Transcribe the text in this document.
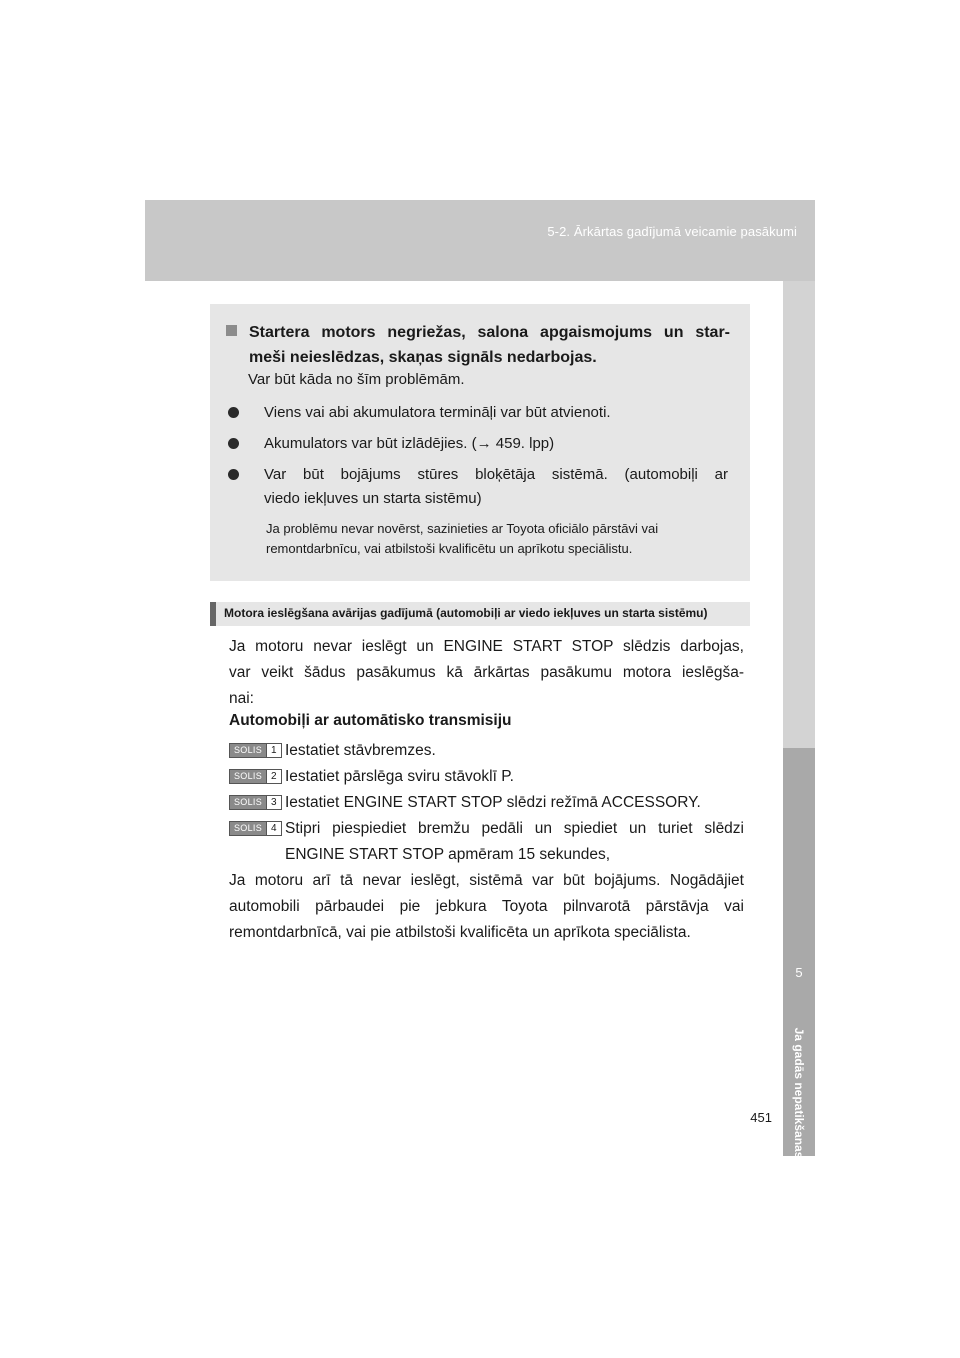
5-2. Ārkārtas gadījumā veicamie pasākumi
5
Ja gadās nepatikšanas
Startera motors negriežas, salona apgaismojums un star-
meši neieslēdzas, skaņas signāls nedarbojas.
Var būt kāda no šīm problēmām.
Viens vai abi akumulatora termināļi var būt atvienoti.
Akumulators var būt izlādējies. (→ 459. lpp)
Var būt bojājums stūres bloķētāja sistēmā. (automobiļi ar
viedo iekļuves un starta sistēmu)
Ja problēmu nevar novērst, sazinieties ar Toyota oficiālo pārstāvi vai
remontdarbnīcu, vai atbilstoši kvalificētu un aprīkotu speciālistu.
Motora ieslēgšana avārijas gadījumā (automobiļi ar viedo iekļuves un starta sistēmu)
Ja motoru nevar ieslēgt un ENGINE START STOP slēdzis darbojas,
var veikt šādus pasākumus kā ārkārtas pasākumu motora ieslēgša-
nai:
Automobiļi ar automātisko transmisiju
SOLIS 1 Iestatiet stāvbremzes.
SOLIS 2 Iestatiet pārslēga sviru stāvoklī P.
SOLIS 3 Iestatiet ENGINE START STOP slēdzi režīmā ACCESSORY.
SOLIS 4 Stipri piespiediet bremžu pedāli un spiediet un turiet slēdzi
ENGINE START STOP apmēram 15 sekundes,
Ja motoru arī tā nevar ieslēgt, sistēmā var būt bojājums. Nogādājiet
automobili pārbaudei pie jebkura Toyota pilnvarotā pārstāvja vai
remontdarbnīcā, vai pie atbilstoši kvalificēta un aprīkota speciālista.
451
